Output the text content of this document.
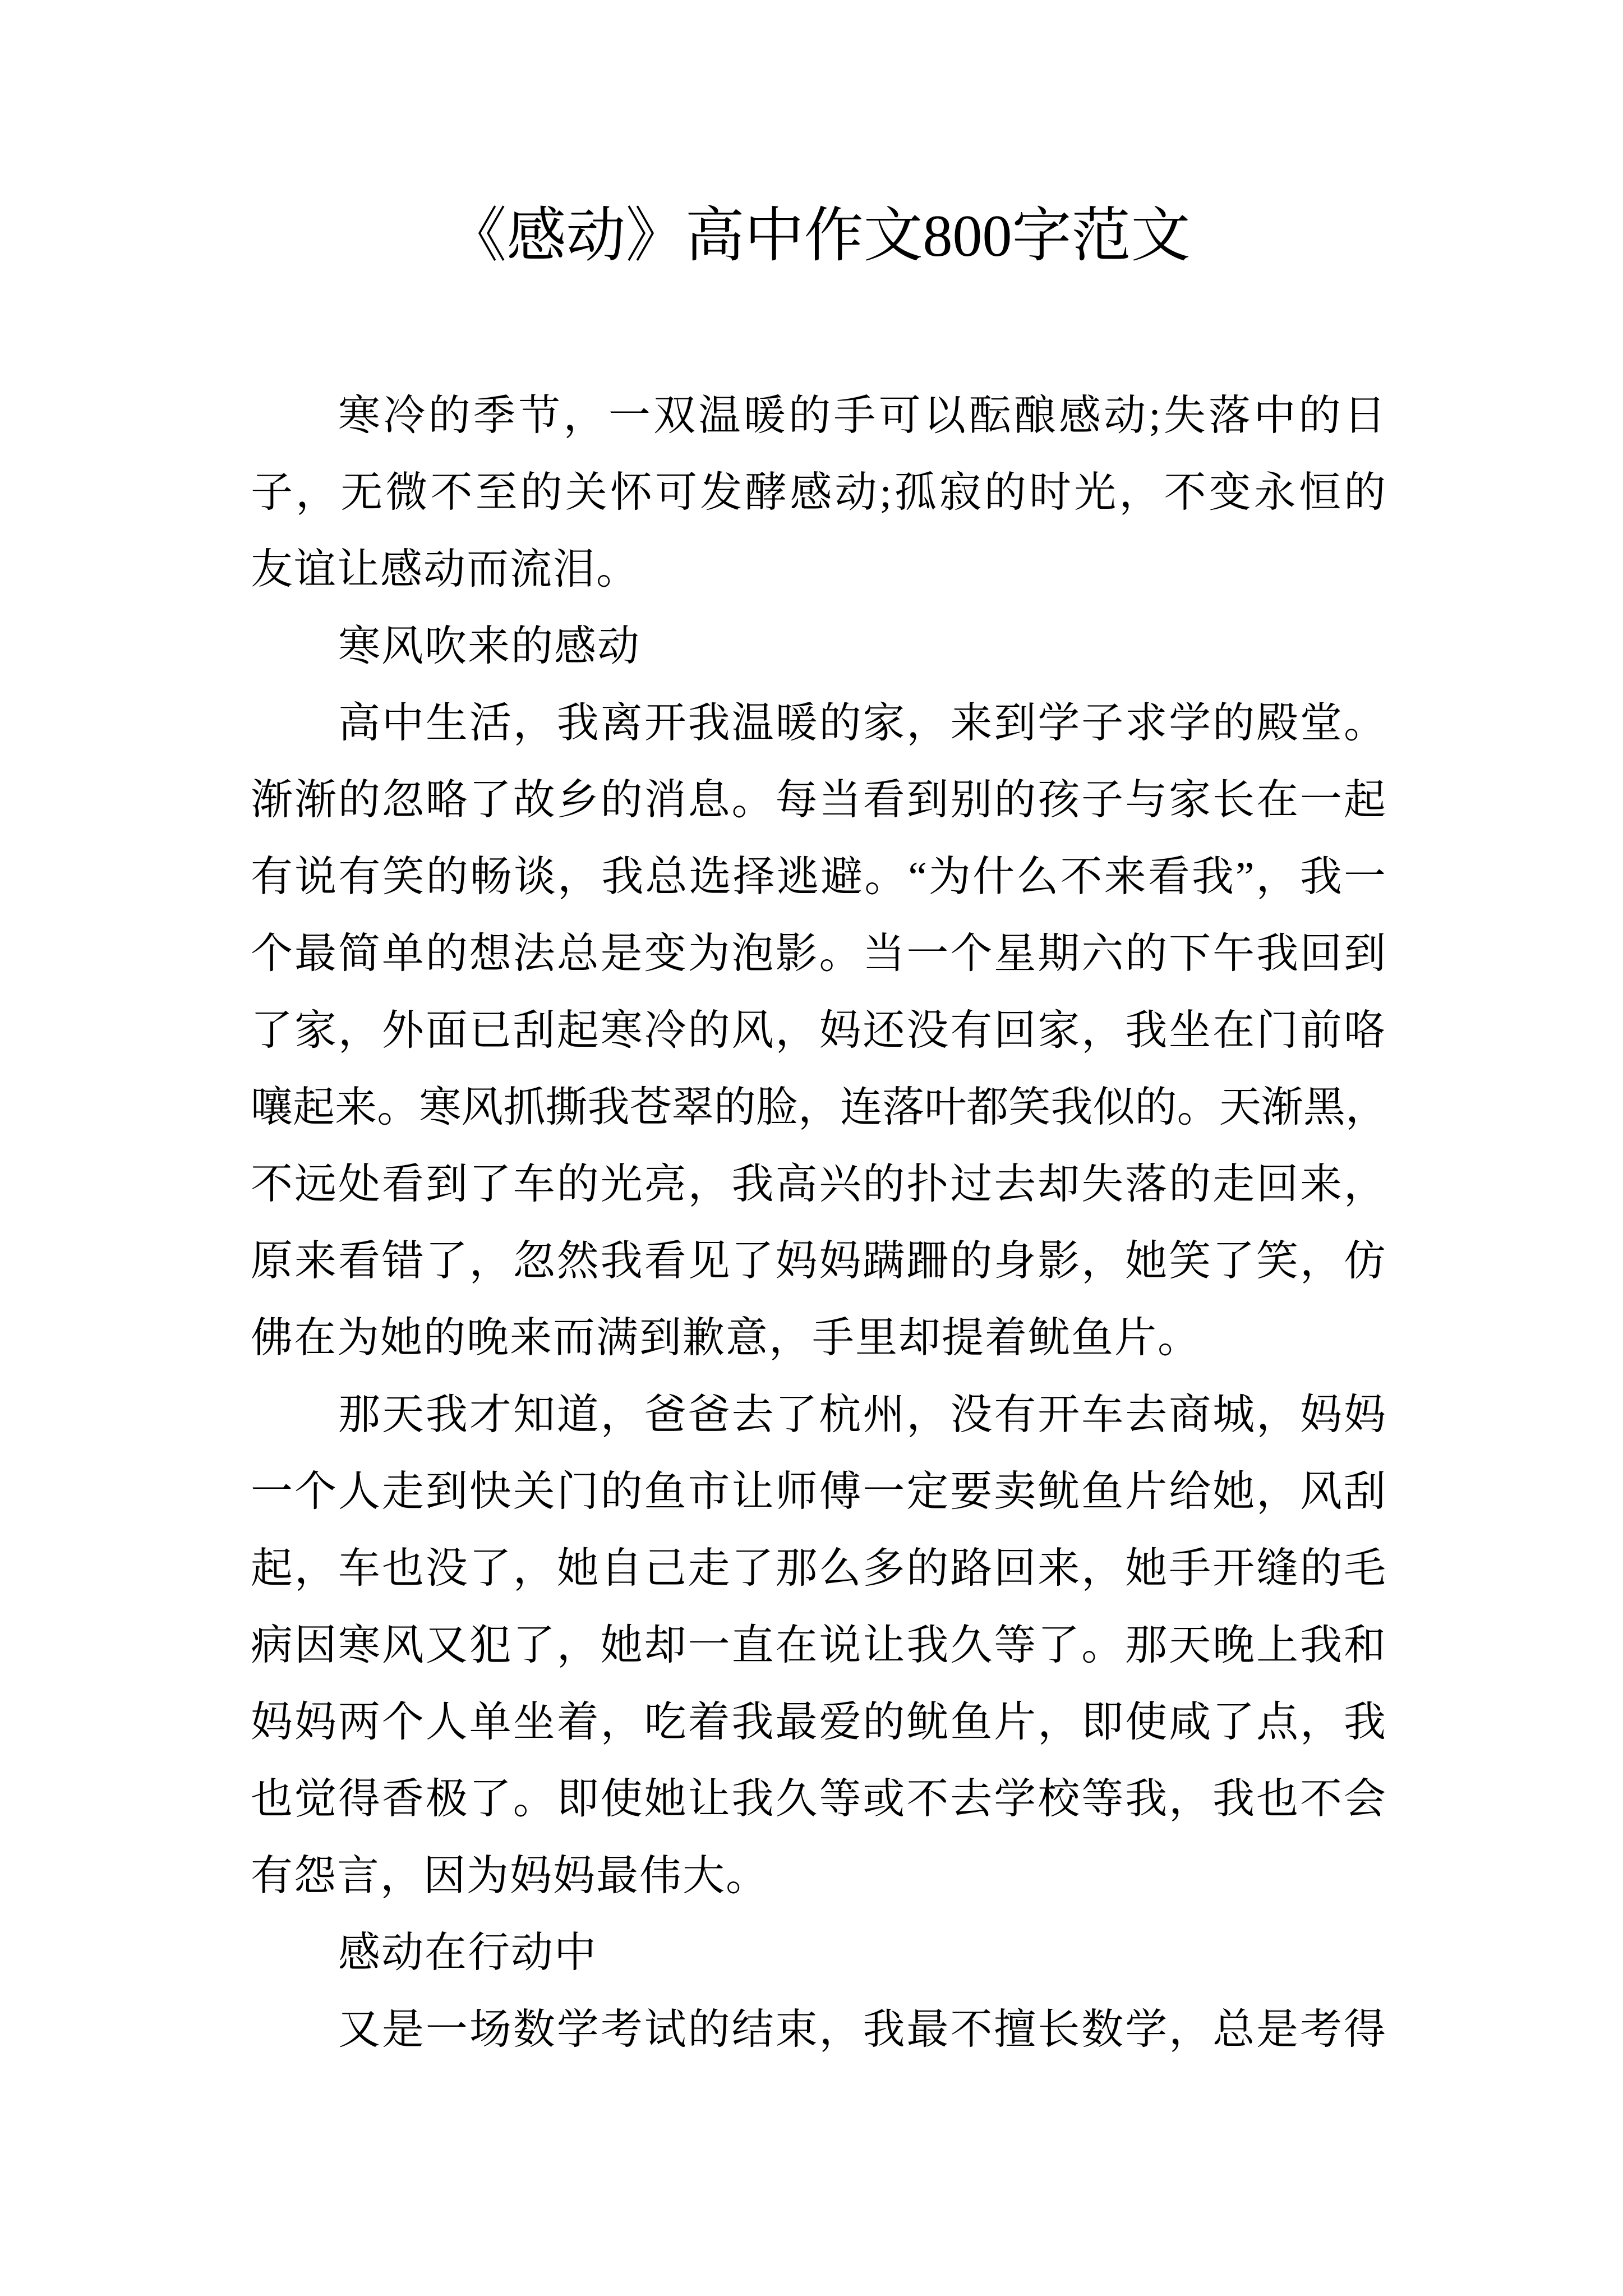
《感动》高中作文800字范文
寒冷的季节，一双温暖的手可以酝酿感动;失落中的日
子，无微不至的关怀可发酵感动;孤寂的时光，不变永恒的
友谊让感动而流泪。
寒风吹来的感动
高中生活，我离开我温暖的家，来到学子求学的殿堂。
渐渐的忽略了故乡的消息。每当看到别的孩子与家长在一起
有说有笑的畅谈，我总选择逃避。“为什么不来看我”，我一
个最简单的想法总是变为泡影。当一个星期六的下午我回到
了家，外面已刮起寒冷的风，妈还没有回家，我坐在门前咯
嚷起来。寒风抓撕我苍翠的脸，连落叶都笑我似的。天渐黑，
不远处看到了车的光亮，我高兴的扑过去却失落的走回来，
原来看错了，忽然我看见了妈妈蹒跚的身影，她笑了笑，仿
佛在为她的晚来而满到歉意，手里却提着鱿鱼片。
那天我才知道，爸爸去了杭州，没有开车去商城，妈妈
一个人走到快关门的鱼市让师傅一定要卖鱿鱼片给她，风刮
起，车也没了，她自己走了那么多的路回来，她手开缝的毛
病因寒风又犯了，她却一直在说让我久等了。那天晚上我和
妈妈两个人单坐着，吃着我最爱的鱿鱼片，即使咸了点，我
也觉得香极了。即使她让我久等或不去学校等我，我也不会
有怨言，因为妈妈最伟大。
感动在行动中
又是一场数学考试的结束，我最不擅长数学，总是考得
